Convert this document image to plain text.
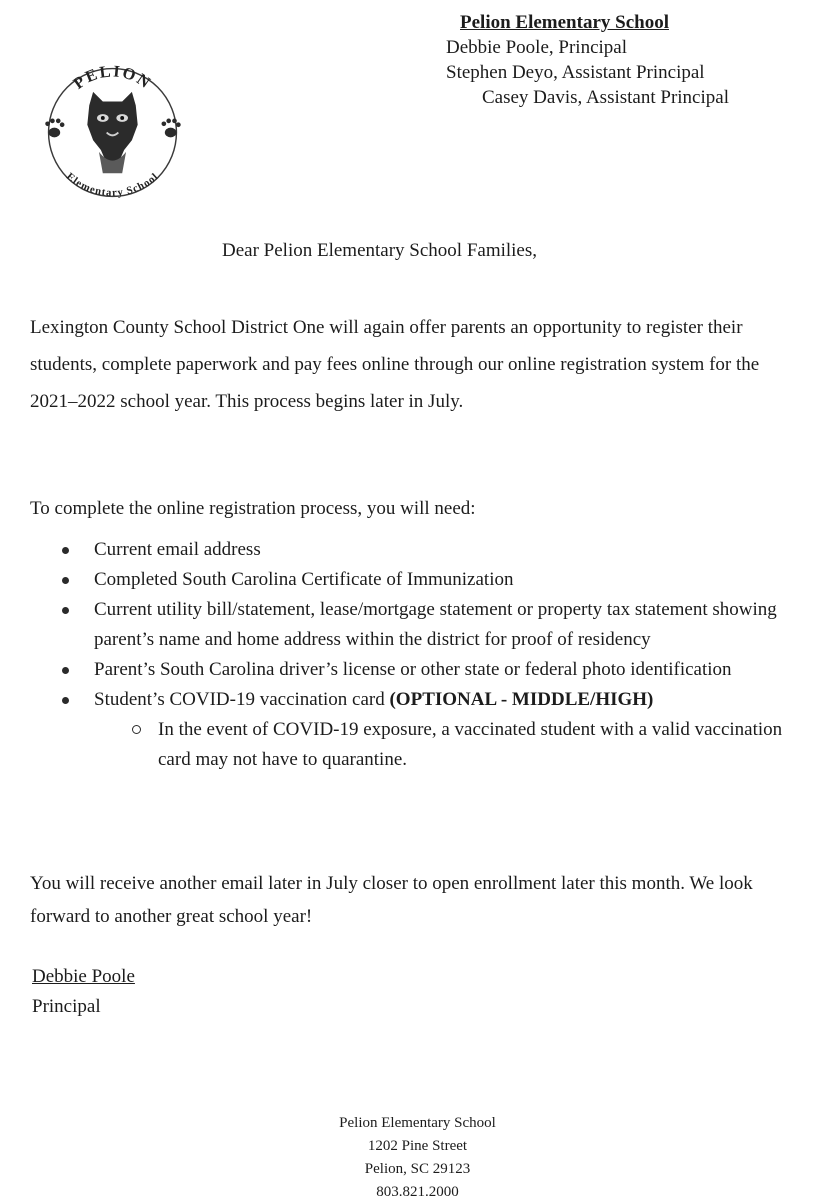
Pelion Elementary School
Debbie Poole, Principal
Stephen Deyo, Assistant Principal
Casey Davis, Assistant Principal
PELION
Elementary School
Dear Pelion Elementary School Families,
Lexington County School District One will again offer parents an opportunity to register their students, complete paperwork and pay fees online through our online registration system for the 2021–2022 school year. This process begins later in July.
To complete the online registration process, you will need:
Current email address
Completed South Carolina Certificate of Immunization
Current utility bill/statement, lease/mortgage statement or property tax statement showing parent’s name and home address within the district for proof of residency
Parent’s South Carolina driver’s license or other state or federal photo identification
Student’s COVID-19 vaccination card (OPTIONAL - MIDDLE/HIGH)
In the event of COVID-19 exposure, a vaccinated student with a valid vaccination card may not have to quarantine.
You will receive another email later in July closer to open enrollment later this month. We look forward to another great school year!
Debbie Poole
Principal
Pelion Elementary School
1202 Pine Street
Pelion, SC 29123
803.821.2000
